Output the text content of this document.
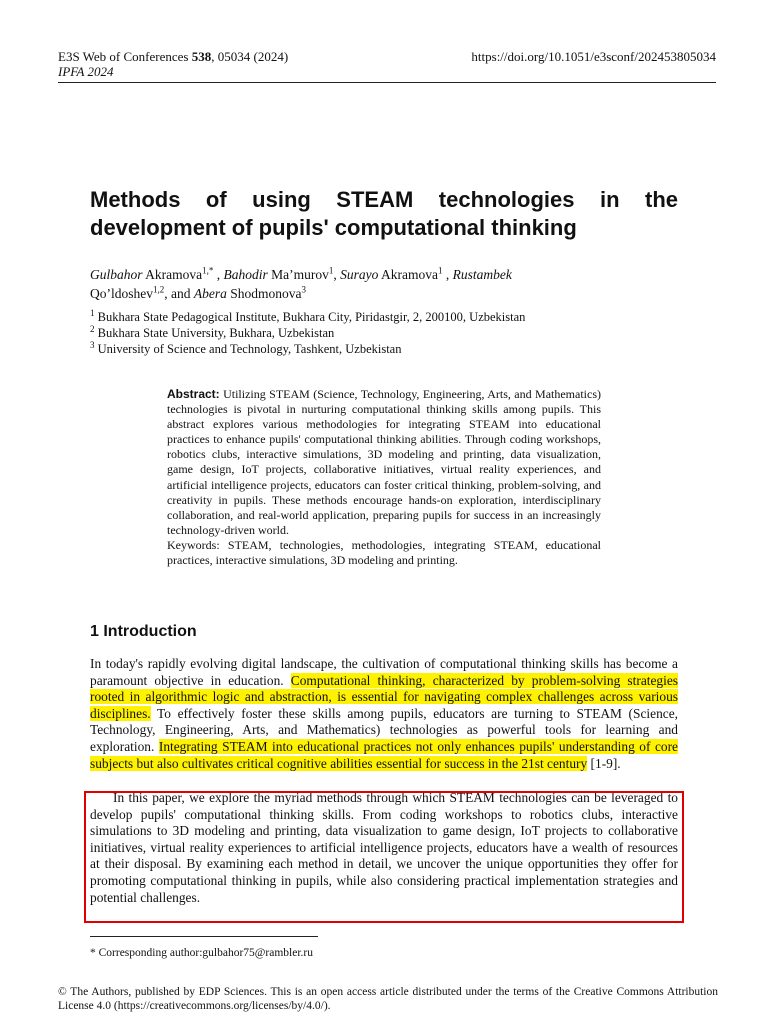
E3S Web of Conferences 538, 05034 (2024)
IPFA 2024
https://doi.org/10.1051/e3sconf/202453805034
Methods of using STEAM technologies in the development of pupils' computational thinking
Gulbahor Akramova$^{1,*}$ , Bahodir Ma’murov$^1$, Surayo Akramova$^1$ , Rustambek
Qo’ldoshev$^{1,2}$, and Abera Shodmonova$^3$
$^1$ Bukhara State Pedagogical Institute, Bukhara City, Piridastgir, 2, 200100, Uzbekistan
$^2$ Bukhara State University, Bukhara, Uzbekistan
$^3$ University of Science and Technology, Tashkent, Uzbekistan
Abstract: Utilizing STEAM (Science, Technology, Engineering, Arts, and Mathematics) technologies is pivotal in nurturing computational thinking skills among pupils. This abstract explores various methodologies for integrating STEAM into educational practices to enhance pupils' computational thinking abilities. Through coding workshops, robotics clubs, interactive simulations, 3D modeling and printing, data visualization, game design, IoT projects, collaborative initiatives, virtual reality experiences, and artificial intelligence projects, educators can foster critical thinking, problem-solving, and creativity in pupils. These methods encourage hands-on exploration, interdisciplinary collaboration, and real-world application, preparing pupils for success in an increasingly technology-driven world.
Keywords: STEAM, technologies, methodologies, integrating STEAM, educational practices, interactive simulations, 3D modeling and printing.
1 Introduction
In today's rapidly evolving digital landscape, the cultivation of computational thinking skills has become a paramount objective in education. Computational thinking, characterized by problem-solving strategies rooted in algorithmic logic and abstraction, is essential for navigating complex challenges across various disciplines. To effectively foster these skills among pupils, educators are turning to STEAM (Science, Technology, Engineering, Arts, and Mathematics) technologies as powerful tools for learning and exploration. Integrating STEAM into educational practices not only enhances pupils' understanding of core subjects but also cultivates critical cognitive abilities essential for success in the 21st century [1-9].
In this paper, we explore the myriad methods through which STEAM technologies can be leveraged to develop pupils' computational thinking skills. From coding workshops to robotics clubs, interactive simulations to 3D modeling and printing, data visualization to game design, IoT projects to collaborative initiatives, virtual reality experiences to artificial intelligence projects, educators have a wealth of resources at their disposal. By examining each method in detail, we uncover the unique opportunities they offer for promoting computational thinking in pupils, while also considering practical implementation strategies and potential challenges.
* Corresponding author:gulbahor75@rambler.ru
© The Authors, published by EDP Sciences. This is an open access article distributed under the terms of the Creative Commons Attribution License 4.0 (https://creativecommons.org/licenses/by/4.0/).
